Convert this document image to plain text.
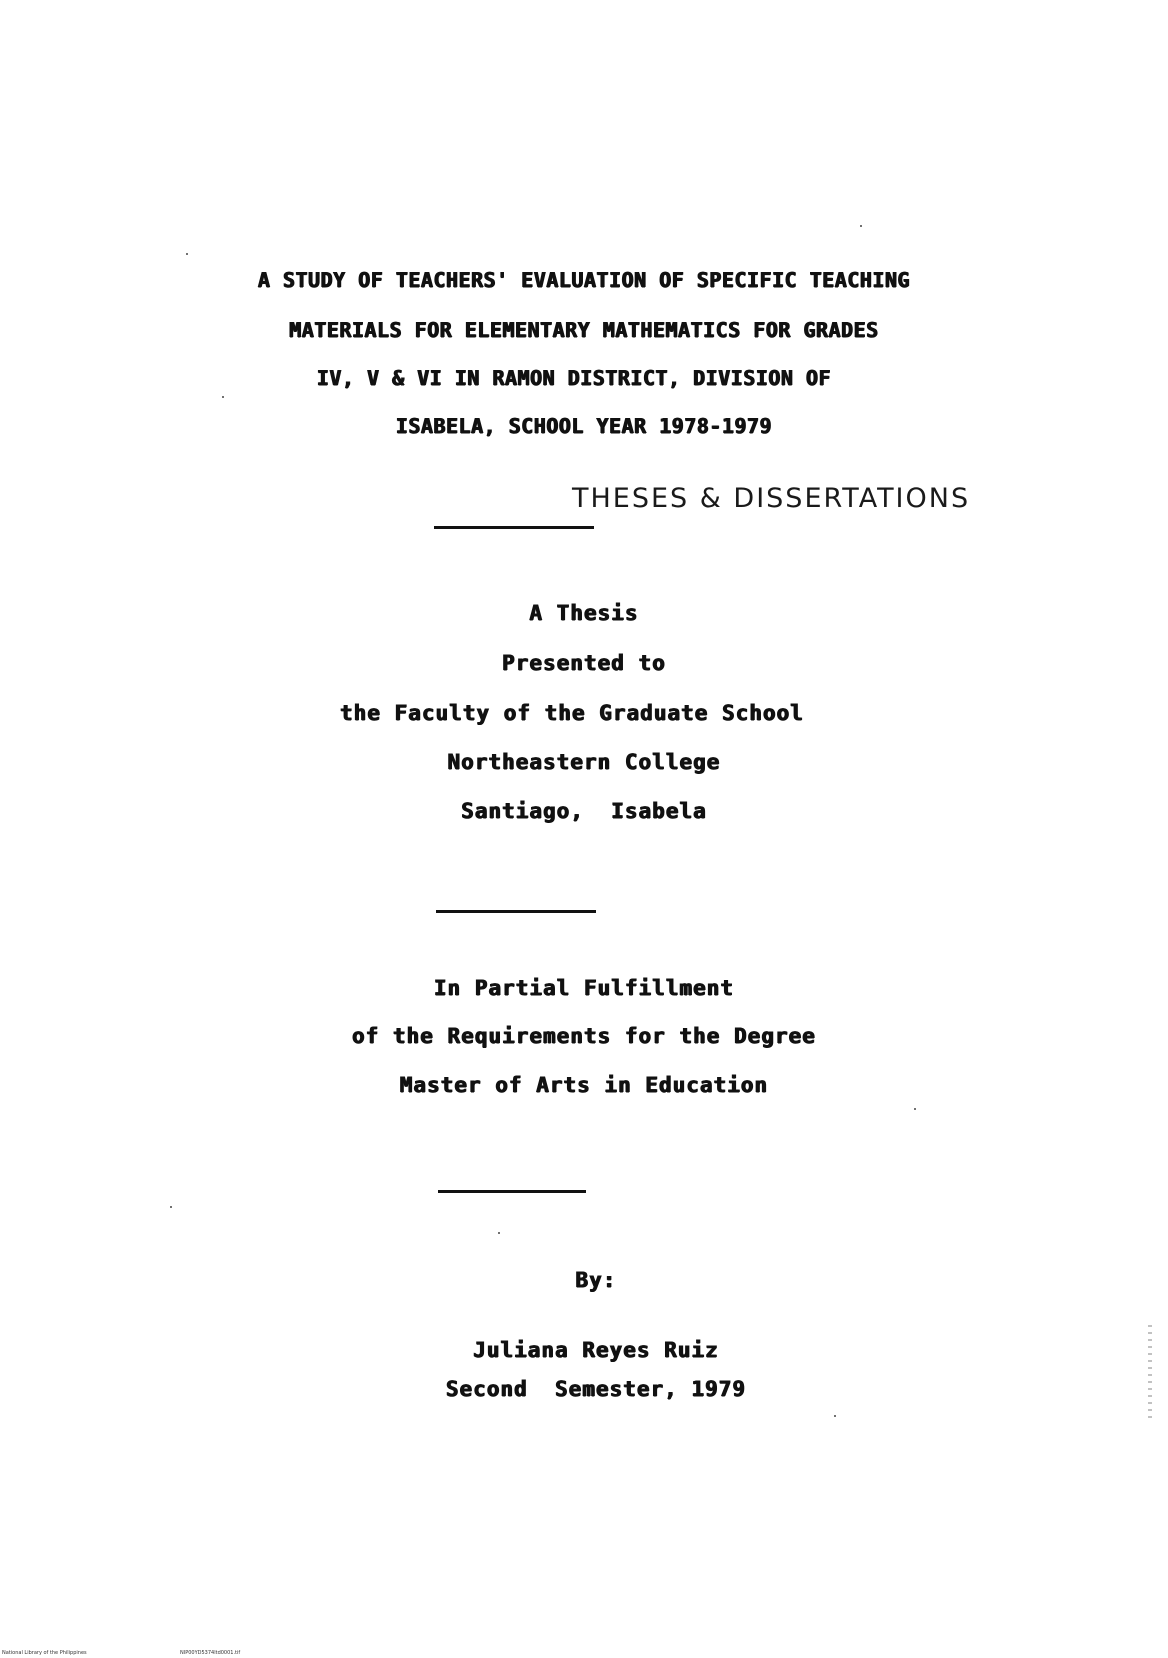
A STUDY OF TEACHERS' EVALUATION OF SPECIFIC TEACHING
MATERIALS FOR ELEMENTARY MATHEMATICS FOR GRADES
IV, V & VI IN RAMON DISTRICT, DIVISION OF
ISABELA, SCHOOL YEAR 1978-1979
THESES & DISSERTATIONS
A Thesis
Presented to
the Faculty of the Graduate School
Northeastern College
Santiago,  Isabela
In Partial Fulfillment
of the Requirements for the Degree
Master of Arts in Education
By:
Juliana Reyes Ruiz
Second  Semester, 1979
National Library of the Philippines	NIP00YD5374ltd0001.tif
